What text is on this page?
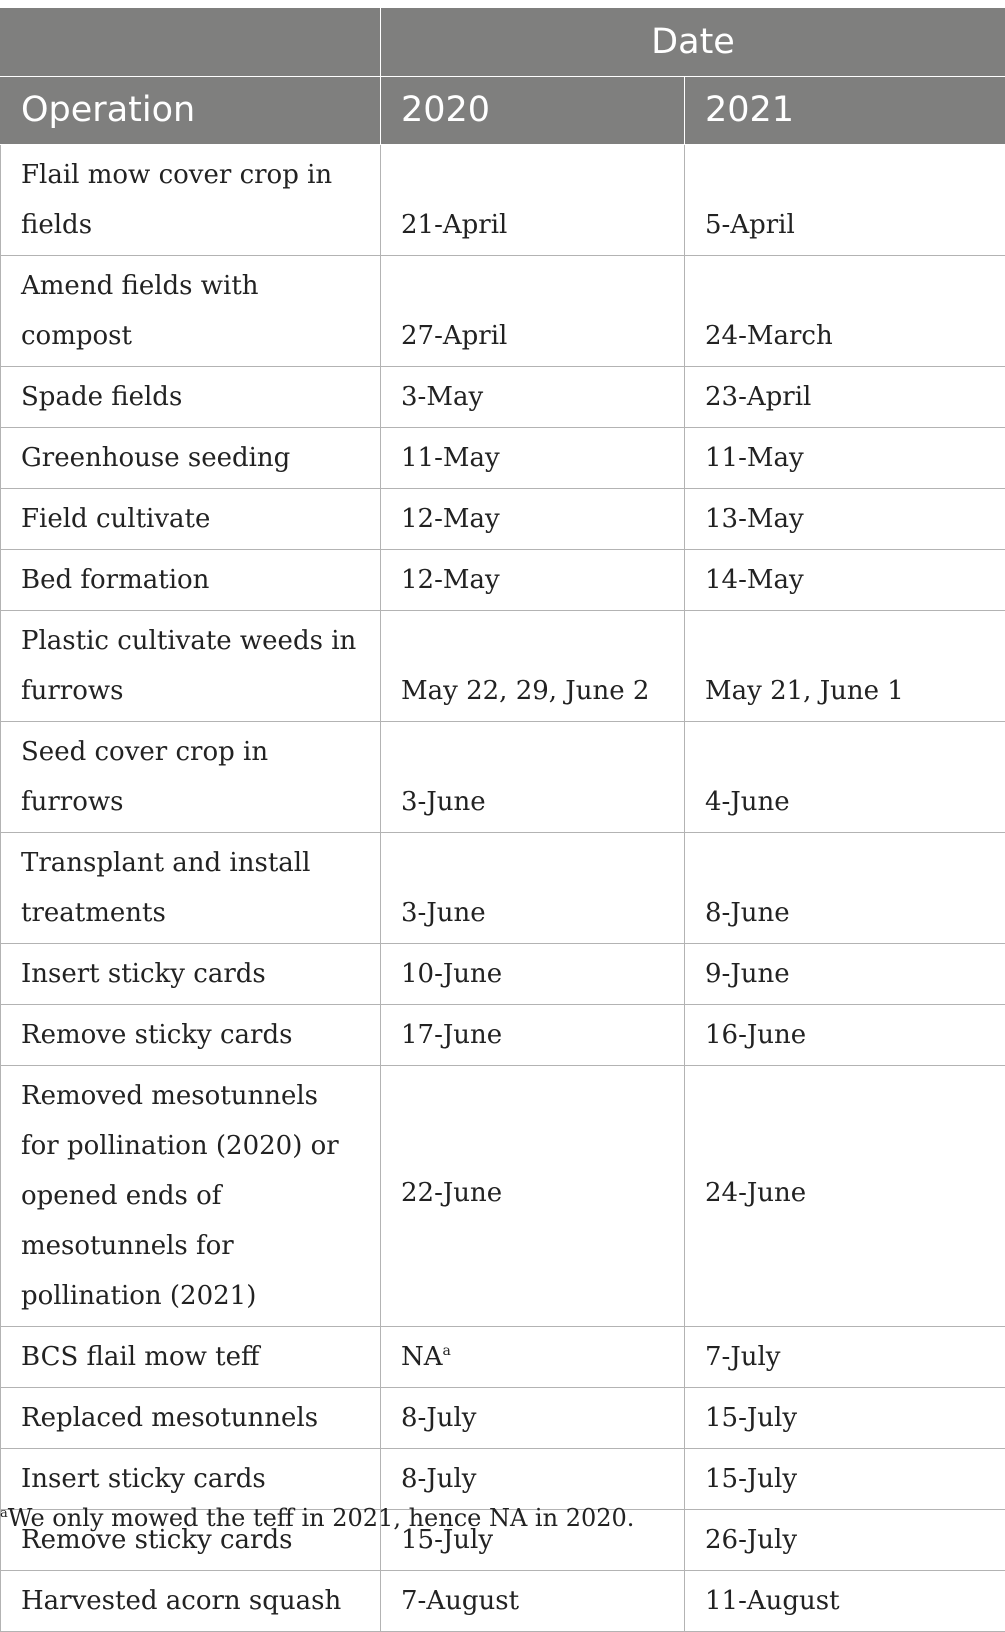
	Date	
Operation	2020	2021
Flail mow cover crop in fields	21-April	5-April
Amend fields with compost	27-April	24-March
Spade fields	3-May	23-April
Greenhouse seeding	11-May	11-May
Field cultivate	12-May	13-May
Bed formation	12-May	14-May
Plastic cultivate weeds in furrows	May 22, 29, June 2	May 21, June 1
Seed cover crop in furrows	3-June	4-June
Transplant and install treatments	3-June	8-June
Insert sticky cards	10-June	9-June
Remove sticky cards	17-June	16-June
Removed mesotunnels for pollination (2020) or opened ends of mesotunnels for pollination (2021)	22-June	24-June
BCS flail mow teff	$NA^a$	7-July
Replaced mesotunnels	8-July	15-July
Insert sticky cards	8-July	15-July
Remove sticky cards	15-July	26-July
Harvested acorn squash	7-August	11-August
$^a$We only mowed the teff in 2021, hence NA in 2020.
